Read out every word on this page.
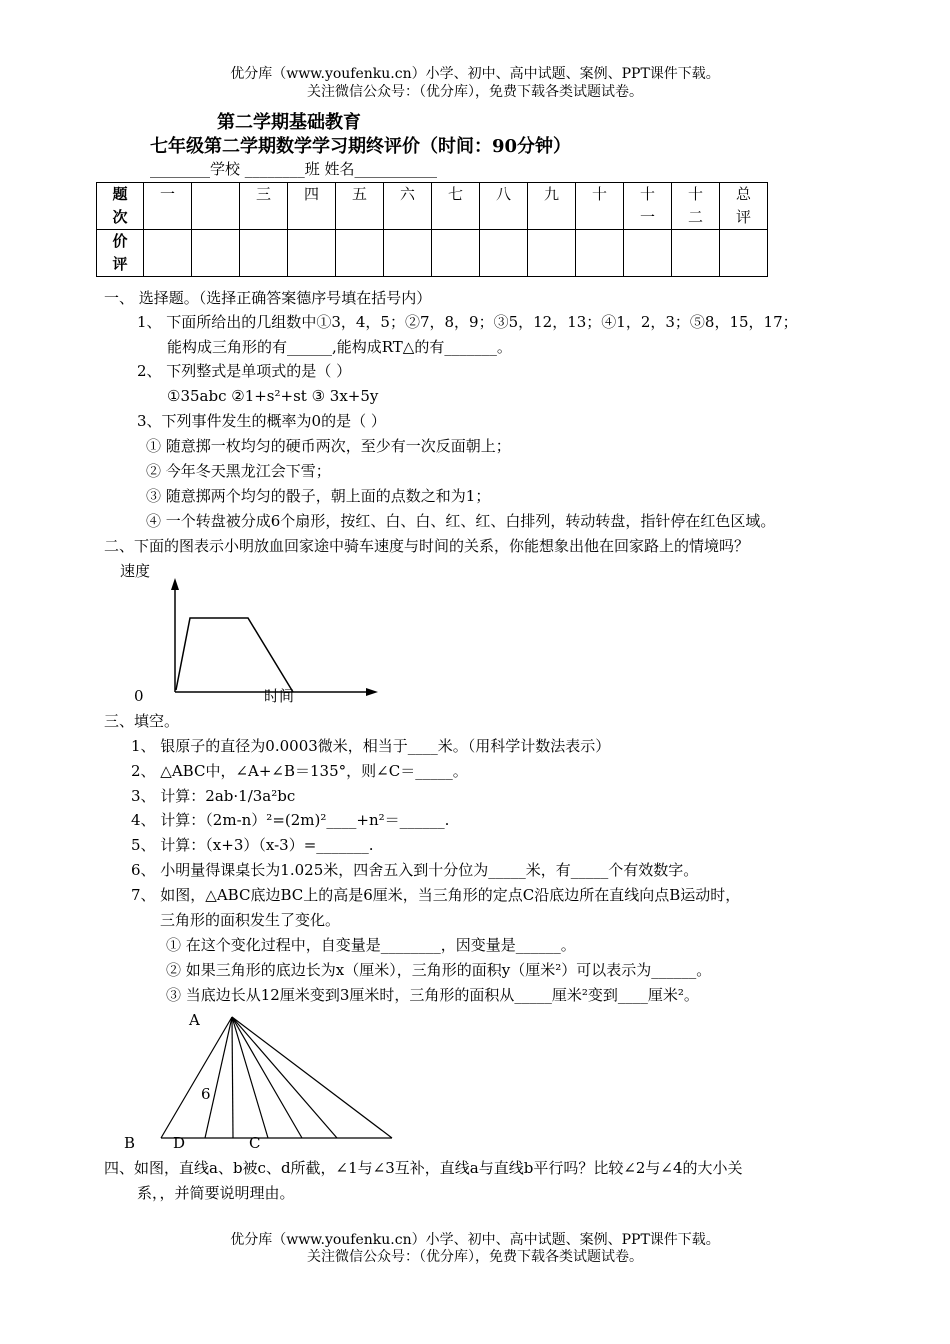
优分库（www.youfenku.cn）小学、初中、高中试题、案例、PPT课件下载。
关注微信公众号：（优分库），免费下载各类试题试卷。
第二学期基础教育
七年级第二学期数学学习期终评价（时间：90分钟）
________学校 ________班 姓名___________
题次	一		三	四	五	六	七	八	九	十	十一	十二	总评
价评													
一、 选择题。（选择正确答案德序号填在括号内）
1、 下面所给出的几组数中①3，4，5；②7，8，9；③5，12，13；④1，2，3；⑤8，15，17；
能构成三角形的有______,能构成RT△的有_______。
2、 下列整式是单项式的是（ ）
①35abc ②1+s²+st ③ 3x+5y
3、下列事件发生的概率为0的是（ ）
① 随意掷一枚均匀的硬币两次，至少有一次反面朝上；
② 今年冬天黑龙江会下雪；
③ 随意掷两个均匀的骰子，朝上面的点数之和为1；
④ 一个转盘被分成6个扇形，按红、白、白、红、红、白排列，转动转盘，指针停在红色区域。
二、下面的图表示小明放血回家途中骑车速度与时间的关系，你能想象出他在回家路上的情境吗？
速度
0	时间
三、填空。
1、 银原子的直径为0.0003微米，相当于____米。（用科学计数法表示）
2、 △ABC中，∠A+∠B＝135°，则∠C＝_____。
3、 计算：2ab·1/3a²bc
4、 计算：（2m-n）²=(2m)²____+n²＝______.
5、 计算：（x+3）（x-3）=_______.
6、 小明量得课桌长为1.025米，四舍五入到十分位为_____米，有_____个有效数字。
7、 如图，△ABC底边BC上的高是6厘米，当三角形的定点C沿底边所在直线向点B运动时，
三角形的面积发生了变化。
① 在这个变化过程中，自变量是________，因变量是______。
② 如果三角形的底边长为x（厘米），三角形的面积y（厘米²）可以表示为______。
③ 当底边长从12厘米变到3厘米时，三角形的面积从_____厘米²变到____厘米²。
A
6
B	D	C
四、如图，直线a、b被c、d所截，∠1与∠3互补，直线a与直线b平行吗？比较∠2与∠4的大小关
系，，并简要说明理由。
优分库（www.youfenku.cn）小学、初中、高中试题、案例、PPT课件下载。
关注微信公众号：（优分库），免费下载各类试题试卷。
